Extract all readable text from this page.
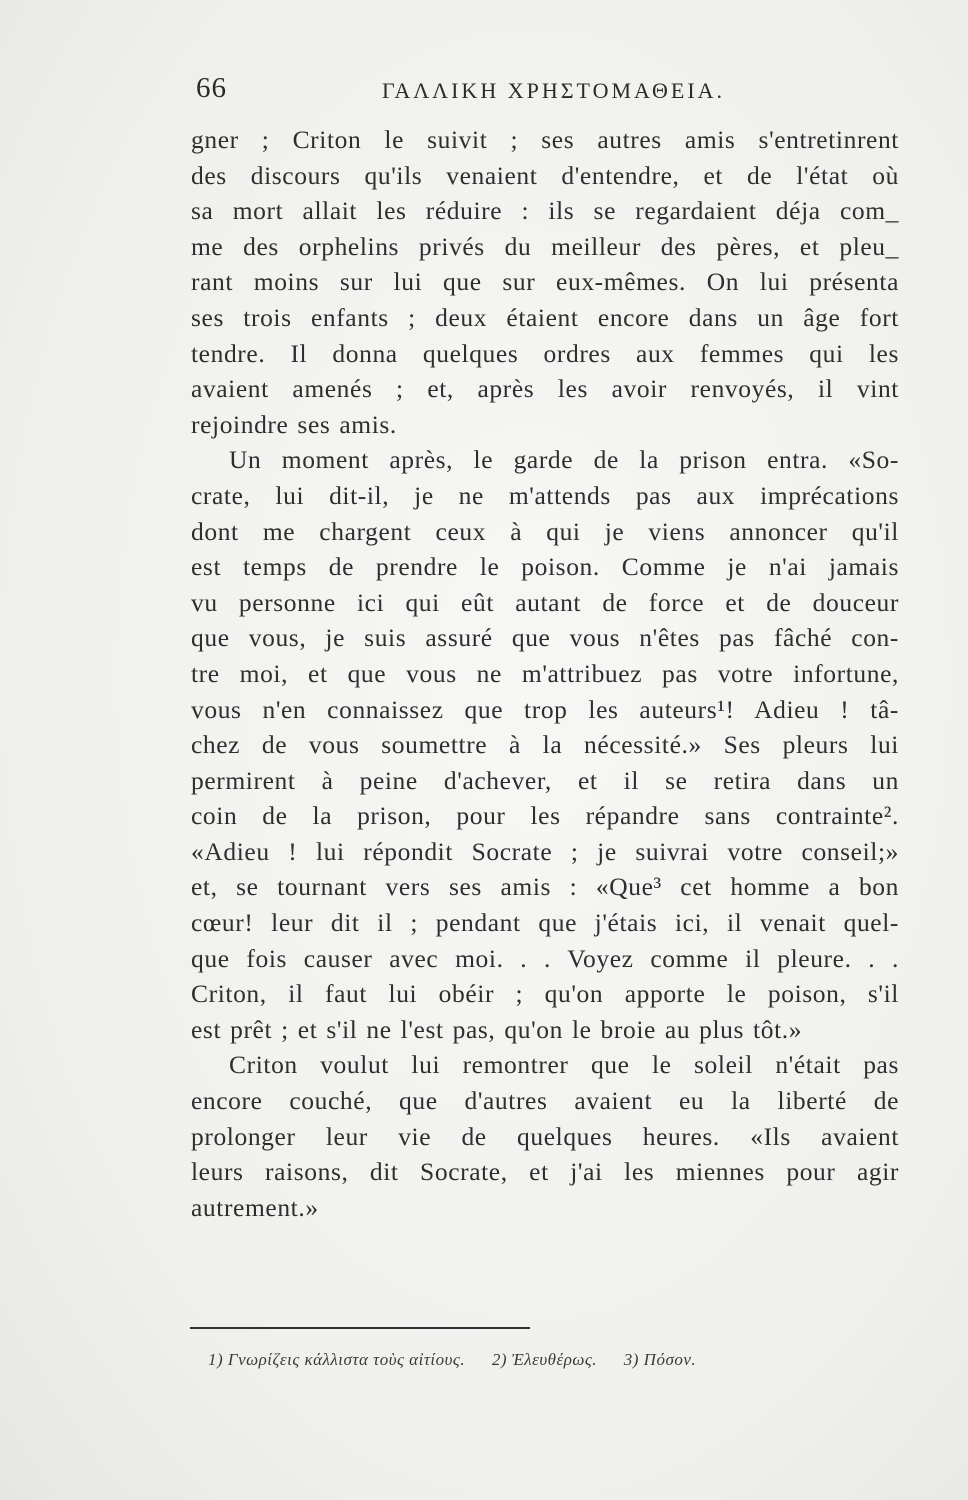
66	ΓΑΛΛΙΚΗ ΧΡΗΣΤΟΜΑΘΕΙΑ.

gner ; Criton le suivit ; ses autres amis s'entretinrent

des discours qu'ils venaient d'entendre, et de l'état où

sa mort allait les réduire : ils se regardaient déja com_

me des orphelins privés du meilleur des pères, et pleu_

rant moins sur lui que sur eux-mêmes. On lui présenta

ses trois enfants ; deux étaient encore dans un âge fort

tendre. Il donna quelques ordres aux femmes qui les

avaient amenés ; et, après les avoir renvoyés, il vint

rejoindre ses amis.

Un moment après, le garde de la prison entra. «So-

crate, lui dit-il, je ne m'attends pas aux imprécations

dont me chargent ceux à qui je viens annoncer qu'il

est temps de prendre le poison. Comme je n'ai jamais

vu personne ici qui eût autant de force et de douceur

que vous, je suis assuré que vous n'êtes pas fâché con-

tre moi, et que vous ne m'attribuez pas votre infortune,

vous n'en connaissez que trop les auteurs¹! Adieu ! tâ-

chez de vous soumettre à la nécessité.» Ses pleurs lui

permirent à peine d'achever, et il se retira dans un

coin de la prison, pour les répandre sans contrainte².

«Adieu ! lui répondit Socrate ; je suivrai votre conseil;»

et, se tournant vers ses amis : «Que³ cet homme a bon

cœur! leur dit il ; pendant que j'étais ici, il venait quel-

que fois causer avec moi. . . Voyez comme il pleure. . .

Criton, il faut lui obéir ; qu'on apporte le poison, s'il

est prêt ; et s'il ne l'est pas, qu'on le broie au plus tôt.»

Criton voulut lui remontrer que le soleil n'était pas

encore couché, que d'autres avaient eu la liberté de

prolonger leur vie de quelques heures. «Ils avaient

leurs raisons, dit Socrate, et j'ai les miennes pour agir

autrement.»

1) Γνωρίζεις κάλλιστα τοὺς αἰτίους. 2) Ἐλευθέρως. 3) Πόσον.
